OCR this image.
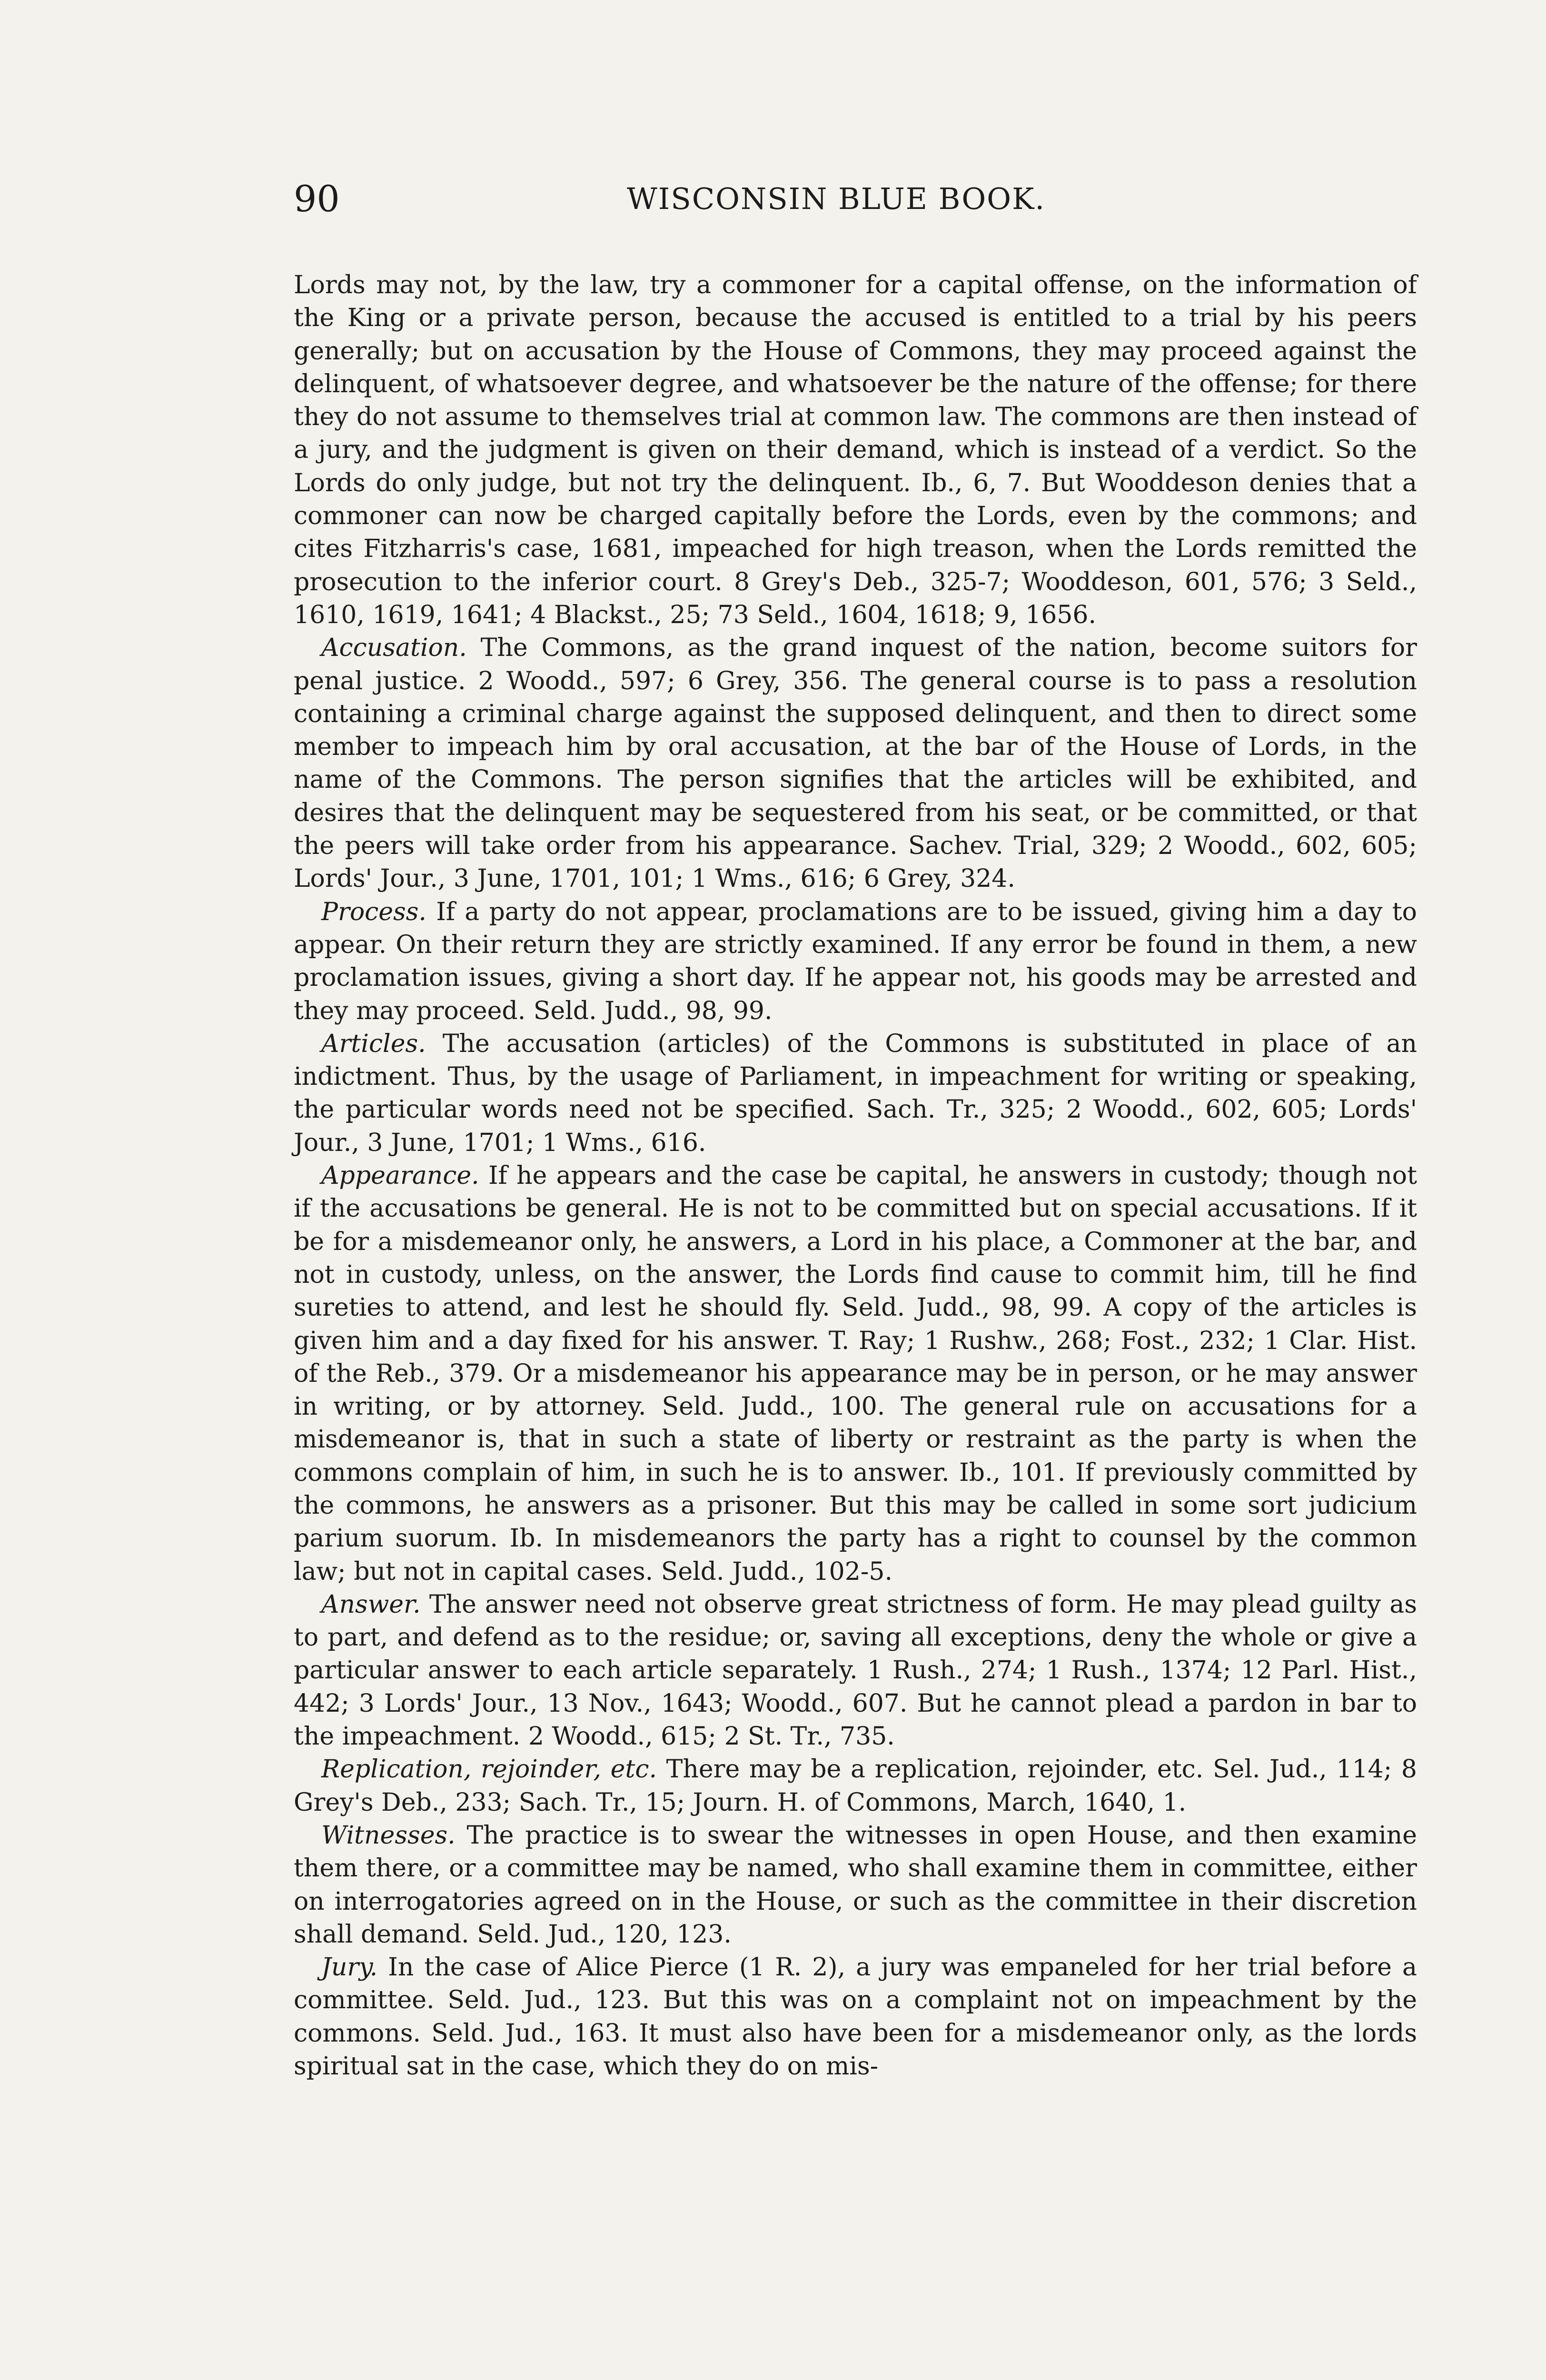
90	WISCONSIN BLUE BOOK.

Lords may not, by the law, try a commoner for a capital offense, on the information of the King or a private person, because the accused is entitled to a trial by his peers generally; but on accusation by the House of Commons, they may proceed against the delinquent, of whatsoever degree, and whatsoever be the nature of the offense; for there they do not assume to themselves trial at common law. The commons are then instead of a jury, and the judgment is given on their demand, which is instead of a verdict. So the Lords do only judge, but not try the delinquent. Ib., 6, 7. But Wooddeson denies that a commoner can now be charged capitally before the Lords, even by the commons; and cites Fitzharris's case, 1681, impeached for high treason, when the Lords remitted the prosecution to the inferior court. 8 Grey's Deb., 325-7; Wooddeson, 601, 576; 3 Seld., 1610, 1619, 1641; 4 Blackst., 25; 73 Seld., 1604, 1618; 9, 1656.

Accusation. The Commons, as the grand inquest of the nation, become suitors for penal justice. 2 Woodd., 597; 6 Grey, 356. The general course is to pass a resolution containing a criminal charge against the supposed delinquent, and then to direct some member to impeach him by oral accusation, at the bar of the House of Lords, in the name of the Commons. The person signifies that the articles will be exhibited, and desires that the delinquent may be sequestered from his seat, or be committed, or that the peers will take order from his appearance. Sachev. Trial, 329; 2 Woodd., 602, 605; Lords' Jour., 3 June, 1701, 101; 1 Wms., 616; 6 Grey, 324.

Process. If a party do not appear, proclamations are to be issued, giving him a day to appear. On their return they are strictly examined. If any error be found in them, a new proclamation issues, giving a short day. If he appear not, his goods may be arrested and they may proceed. Seld. Judd., 98, 99.

Articles. The accusation (articles) of the Commons is substituted in place of an indictment. Thus, by the usage of Parliament, in impeachment for writing or speaking, the particular words need not be specified. Sach. Tr., 325; 2 Woodd., 602, 605; Lords' Jour., 3 June, 1701; 1 Wms., 616.

Appearance. If he appears and the case be capital, he answers in custody; though not if the accusations be general. He is not to be committed but on special accusations. If it be for a misdemeanor only, he answers, a Lord in his place, a Commoner at the bar, and not in custody, unless, on the answer, the Lords find cause to commit him, till he find sureties to attend, and lest he should fly. Seld. Judd., 98, 99. A copy of the articles is given him and a day fixed for his answer. T. Ray; 1 Rushw., 268; Fost., 232; 1 Clar. Hist. of the Reb., 379. Or a misdemeanor his appearance may be in person, or he may answer in writing, or by attorney. Seld. Judd., 100. The general rule on accusations for a misdemeanor is, that in such a state of liberty or restraint as the party is when the commons complain of him, in such he is to answer. Ib., 101. If previously committed by the commons, he answers as a prisoner. But this may be called in some sort judicium parium suorum. Ib. In misdemeanors the party has a right to counsel by the common law; but not in capital cases. Seld. Judd., 102-5.

Answer. The answer need not observe great strictness of form. He may plead guilty as to part, and defend as to the residue; or, saving all exceptions, deny the whole or give a particular answer to each article separately. 1 Rush., 274; 1 Rush., 1374; 12 Parl. Hist., 442; 3 Lords' Jour., 13 Nov., 1643; Woodd., 607. But he cannot plead a pardon in bar to the impeachment. 2 Woodd., 615; 2 St. Tr., 735.

Replication, rejoinder, etc. There may be a replication, rejoinder, etc. Sel. Jud., 114; 8 Grey's Deb., 233; Sach. Tr., 15; Journ. H. of Commons, March, 1640, 1.

Witnesses. The practice is to swear the witnesses in open House, and then examine them there, or a committee may be named, who shall examine them in committee, either on interrogatories agreed on in the House, or such as the committee in their discretion shall demand. Seld. Jud., 120, 123.

Jury. In the case of Alice Pierce (1 R. 2), a jury was empaneled for her trial before a committee. Seld. Jud., 123. But this was on a complaint not on impeachment by the commons. Seld. Jud., 163. It must also have been for a misdemeanor only, as the lords spiritual sat in the case, which they do on mis-
